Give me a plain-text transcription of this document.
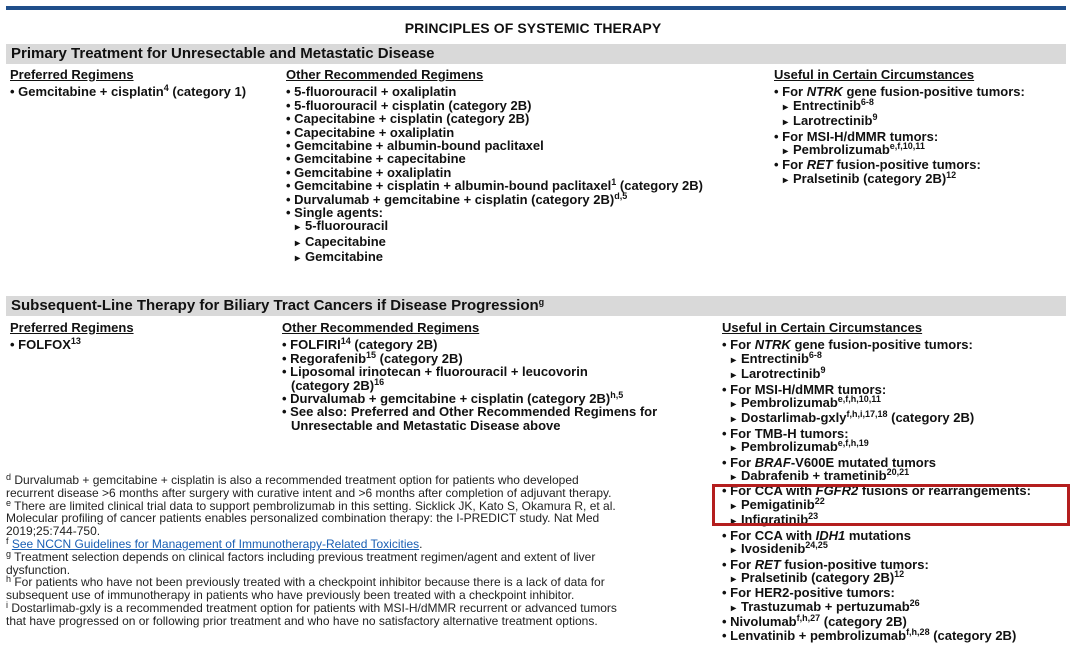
PRINCIPLES OF SYSTEMIC THERAPY
Primary Treatment for Unresectable and Metastatic Disease
Preferred Regimens
• Gemcitabine + cisplatin$^4$ (category 1)
Other Recommended Regimens
• 5-fluorouracil + oxaliplatin
• 5-fluorouracil + cisplatin (category 2B)
• Capecitabine + cisplatin (category 2B)
• Capecitabine + oxaliplatin
• Gemcitabine + albumin-bound paclitaxel
• Gemcitabine + capecitabine
• Gemcitabine + oxaliplatin
• Gemcitabine + cisplatin + albumin-bound paclitaxel$^1$ (category 2B)
• Durvalumab + gemcitabine + cisplatin (category 2B)$^{d,5}$
• Single agents:
▸ 5-fluorouracil
▸ Capecitabine
▸ Gemcitabine
Useful in Certain Circumstances
• For NTRK gene fusion-positive tumors:
▸ Entrectinib$^{6-8}$
▸ Larotrectinib$^9$
• For MSI-H/dMMR tumors:
▸ Pembrolizumab$^{e,f,10,11}$
• For RET fusion-positive tumors:
▸ Pralsetinib (category 2B)$^{12}$
Subsequent-Line Therapy for Biliary Tract Cancers if Disease Progression$^g$
Preferred Regimens
• FOLFOX$^{13}$
Other Recommended Regimens
• FOLFIRI$^{14}$ (category 2B)
• Regorafenib$^{15}$ (category 2B)
• Liposomal irinotecan + fluorouracil + leucovorin
(category 2B)$^{16}$
• Durvalumab + gemcitabine + cisplatin (category 2B)$^{h,5}$
• See also: Preferred and Other Recommended Regimens for
Unresectable and Metastatic Disease above
Useful in Certain Circumstances
• For NTRK gene fusion-positive tumors:
▸ Entrectinib$^{6-8}$
▸ Larotrectinib$^9$
• For MSI-H/dMMR tumors:
▸ Pembrolizumab$^{e,f,h,10,11}$
▸ Dostarlimab-gxly$^{f,h,i,17,18}$ (category 2B)
• For TMB-H tumors:
▸ Pembrolizumab$^{e,f,h,19}$
• For BRAF-V600E mutated tumors
▸ Dabrafenib + trametinib$^{20,21}$
• For CCA with FGFR2 fusions or rearrangements:
▸ Pemigatinib$^{22}$
▸ Infigratinib$^{23}$
• For CCA with IDH1 mutations
▸ Ivosidenib$^{24,25}$
• For RET fusion-positive tumors:
▸ Pralsetinib (category 2B)$^{12}$
• For HER2-positive tumors:
▸ Trastuzumab + pertuzumab$^{26}$
• Nivolumab$^{f,h,27}$ (category 2B)
• Lenvatinib + pembrolizumab$^{f,h,28}$ (category 2B)
$^d$ Durvalumab + gemcitabine + cisplatin is also a recommended treatment option for patients who developed
recurrent disease >6 months after surgery with curative intent and >6 months after completion of adjuvant therapy.
$^e$ There are limited clinical trial data to support pembrolizumab in this setting. Sicklick JK, Kato S, Okamura R, et al.
Molecular profiling of cancer patients enables personalized combination therapy: the I-PREDICT study. Nat Med
2019;25:744-750.
$^f$ See NCCN Guidelines for Management of Immunotherapy-Related Toxicities.
$^g$ Treatment selection depends on clinical factors including previous treatment regimen/agent and extent of liver
dysfunction.
$^h$ For patients who have not been previously treated with a checkpoint inhibitor because there is a lack of data for
subsequent use of immunotherapy in patients who have previously been treated with a checkpoint inhibitor.
$^i$ Dostarlimab-gxly is a recommended treatment option for patients with MSI-H/dMMR recurrent or advanced tumors
that have progressed on or following prior treatment and who have no satisfactory alternative treatment options.
